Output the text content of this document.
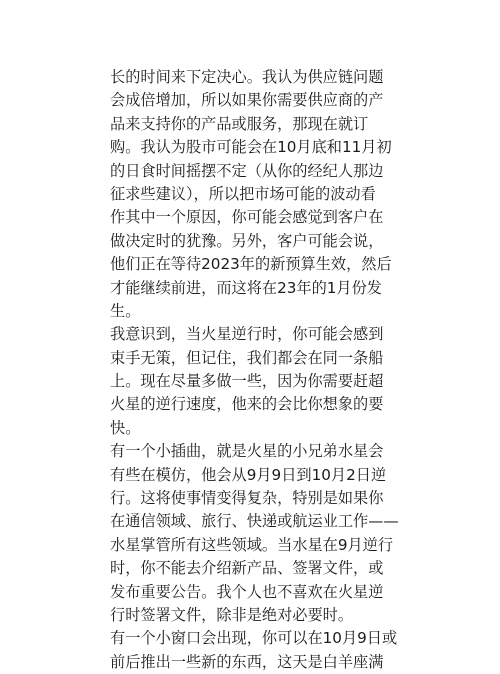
长的时间来下定决心。我认为供应链问题
会成倍增加，所以如果你需要供应商的产
品来支持你的产品或服务，那现在就订
购。我认为股市可能会在10月底和11月初
的日食时间摇摆不定（从你的经纪人那边
征求些建议），所以把市场可能的波动看
作其中一个原因，你可能会感觉到客户在
做决定时的犹豫。另外，客户可能会说，
他们正在等待2023年的新预算生效，然后
才能继续前进，而这将在23年的1月份发
生。
我意识到，当火星逆行时，你可能会感到
束手无策，但记住，我们都会在同一条船
上。现在尽量多做一些，因为你需要赶超
火星的逆行速度，他来的会比你想象的要
快。
有一个小插曲，就是火星的小兄弟水星会
有些在模仿，他会从9月9日到10月2日逆
行。这将使事情变得复杂，特别是如果你
在通信领域、旅行、快递或航运业工作——
水星掌管所有这些领域。当水星在9月逆行
时，你不能去介绍新产品、签署文件，或
发布重要公告。我个人也不喜欢在火星逆
行时签署文件，除非是绝对必要时。
有一个小窗口会出现，你可以在10月9日或
前后推出一些新的东西，这天是白羊座满
